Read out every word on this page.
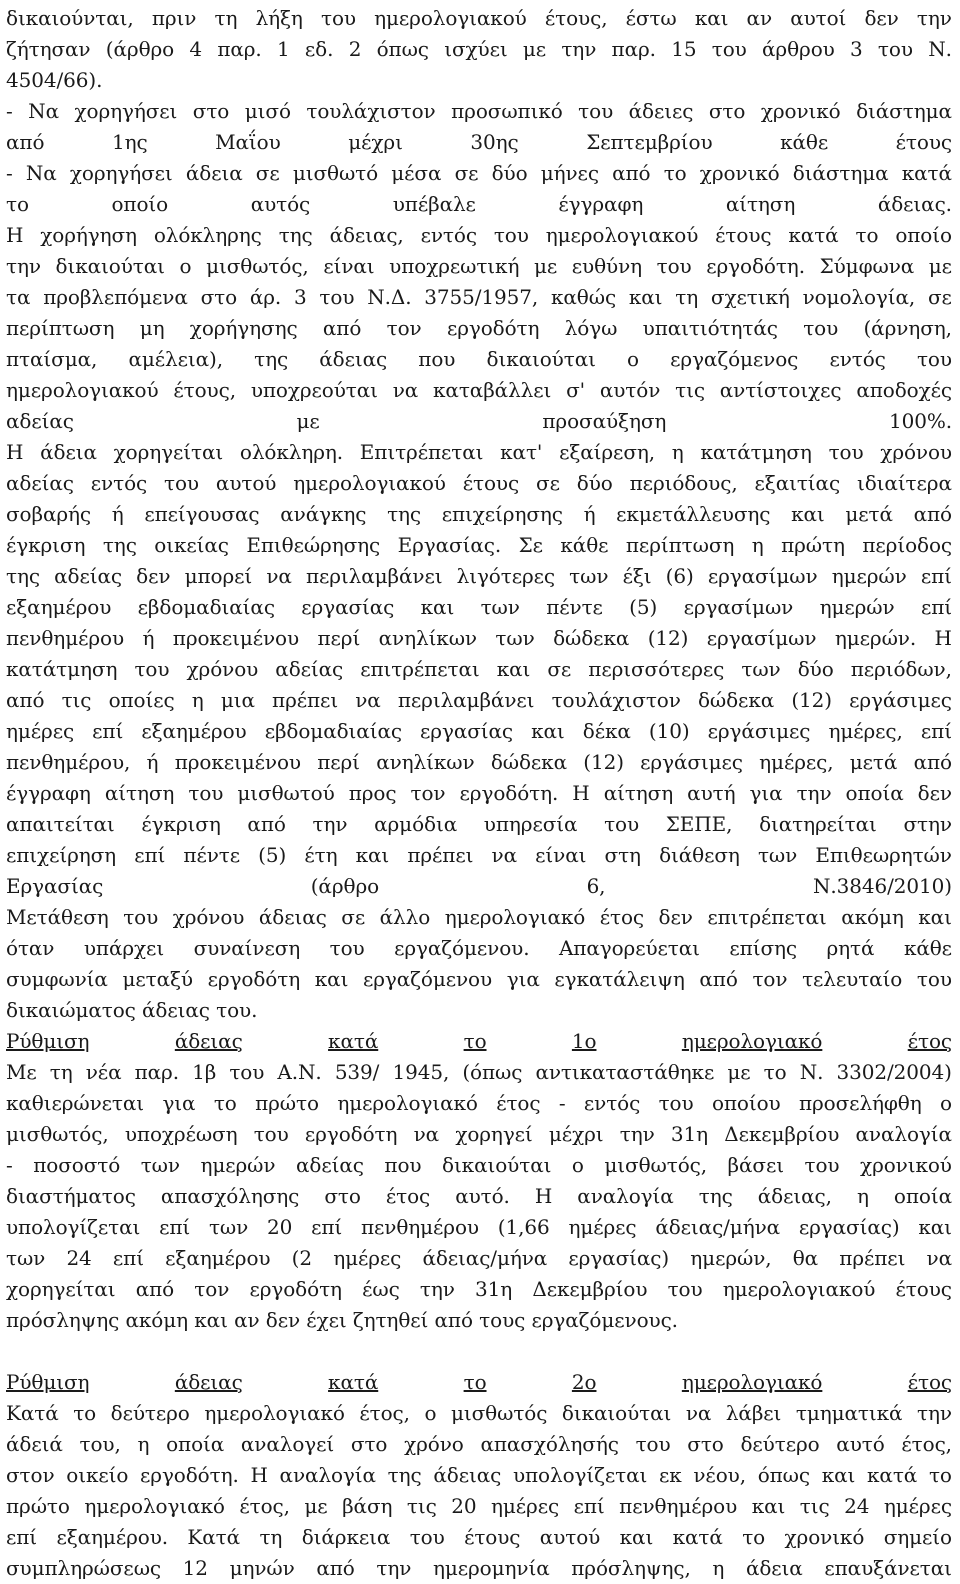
δικαιούνται, πριν τη λήξη του ημερολογιακού έτους, έστω και αν αυτοί δεν την
ζήτησαν (άρθρο 4 παρ. 1 εδ. 2 όπως ισχύει με την παρ. 15 του άρθρου 3 του Ν.
4504/66).
- Να χορηγήσει στο μισό τουλάχιστον προσωπικό του άδειες στο χρονικό διάστημα
από	1ης	Μαΐου	μέχρι	30ης	Σεπτεμβρίου	κάθε	έτους
- Να χορηγήσει άδεια σε μισθωτό μέσα σε δύο μήνες από το χρονικό διάστημα κατά
το	οποίο	αυτός	υπέβαλε	έγγραφη	αίτηση	άδειας.
Η χορήγηση ολόκληρης της άδειας, εντός του ημερολογιακού έτους κατά το οποίο
την δικαιούται ο μισθωτός, είναι υποχρεωτική με ευθύνη του εργοδότη. Σύμφωνα με
τα προβλεπόμενα στο άρ. 3 του Ν.Δ. 3755/1957, καθώς και τη σχετική νομολογία, σε
περίπτωση μη χορήγησης από τον εργοδότη λόγω υπαιτιότητάς του (άρνηση,
πταίσμα, αμέλεια), της άδειας που δικαιούται ο εργαζόμενος εντός του
ημερολογιακού έτους, υποχρεούται να καταβάλλει σ' αυτόν τις αντίστοιχες αποδοχές
αδείας	με	προσαύξηση	100%.
Η άδεια χορηγείται ολόκληρη. Επιτρέπεται κατ' εξαίρεση, η κατάτμηση του χρόνου
αδείας εντός του αυτού ημερολογιακού έτους σε δύο περιόδους, εξαιτίας ιδιαίτερα
σοβαρής ή επείγουσας ανάγκης της επιχείρησης ή εκμετάλλευσης και μετά από
έγκριση της οικείας Επιθεώρησης Εργασίας. Σε κάθε περίπτωση η πρώτη περίοδος
της αδείας δεν μπορεί να περιλαμβάνει λιγότερες των έξι (6) εργασίμων ημερών επί
εξαημέρου εβδομαδιαίας εργασίας και των πέντε (5) εργασίμων ημερών επί
πενθημέρου ή προκειμένου περί ανηλίκων των δώδεκα (12) εργασίμων ημερών. Η
κατάτμηση του χρόνου αδείας επιτρέπεται και σε περισσότερες των δύο περιόδων,
από τις οποίες η μια πρέπει να περιλαμβάνει τουλάχιστον δώδεκα (12) εργάσιμες
ημέρες επί εξαημέρου εβδομαδιαίας εργασίας και δέκα (10) εργάσιμες ημέρες, επί
πενθημέρου, ή προκειμένου περί ανηλίκων δώδεκα (12) εργάσιμες ημέρες, μετά από
έγγραφη αίτηση του μισθωτού προς τον εργοδότη. Η αίτηση αυτή για την οποία δεν
απαιτείται έγκριση από την αρμόδια υπηρεσία του ΣΕΠΕ, διατηρείται στην
επιχείρηση επί πέντε (5) έτη και πρέπει να είναι στη διάθεση των Επιθεωρητών
Εργασίας	(άρθρο	6,	Ν.3846/2010)
Μετάθεση του χρόνου άδειας σε άλλο ημερολογιακό έτος δεν επιτρέπεται ακόμη και
όταν υπάρχει συναίνεση του εργαζόμενου. Απαγορεύεται επίσης ρητά κάθε
συμφωνία μεταξύ εργοδότη και εργαζόμενου για εγκατάλειψη από τον τελευταίο του
δικαιώματος άδειας του.
Ρύθμιση	άδειας	κατά	το	1ο	ημερολογιακό	έτος
Με τη νέα παρ. 1β του Α.Ν. 539/ 1945, (όπως αντικαταστάθηκε με το Ν. 3302/2004)
καθιερώνεται για το πρώτο ημερολογιακό έτος - εντός του οποίου προσελήφθη ο
μισθωτός, υποχρέωση του εργοδότη να χορηγεί μέχρι την 31η Δεκεμβρίου αναλογία
- ποσοστό των ημερών αδείας που δικαιούται ο μισθωτός, βάσει του χρονικού
διαστήματος απασχόλησης στο έτος αυτό. Η αναλογία της άδειας, η οποία
υπολογίζεται επί των 20 επί πενθημέρου (1,66 ημέρες άδειας/μήνα εργασίας) και
των 24 επί εξαημέρου (2 ημέρες άδειας/μήνα εργασίας) ημερών, θα πρέπει να
χορηγείται από τον εργοδότη έως την 31η Δεκεμβρίου του ημερολογιακού έτους
πρόσληψης ακόμη και αν δεν έχει ζητηθεί από τους εργαζόμενους.
Ρύθμιση	άδειας	κατά	το	2ο	ημερολογιακό	έτος
Κατά το δεύτερο ημερολογιακό έτος, ο μισθωτός δικαιούται να λάβει τμηματικά την
άδειά του, η οποία αναλογεί στο χρόνο απασχόλησής του στο δεύτερο αυτό έτος,
στον οικείο εργοδότη. Η αναλογία της άδειας υπολογίζεται εκ νέου, όπως και κατά το
πρώτο ημερολογιακό έτος, με βάση τις 20 ημέρες επί πενθημέρου και τις 24 ημέρες
επί εξαημέρου. Κατά τη διάρκεια του έτους αυτού και κατά το χρονικό σημείο
συμπληρώσεως 12 μηνών από την ημερομηνία πρόσληψης, η άδεια επαυξάνεται
